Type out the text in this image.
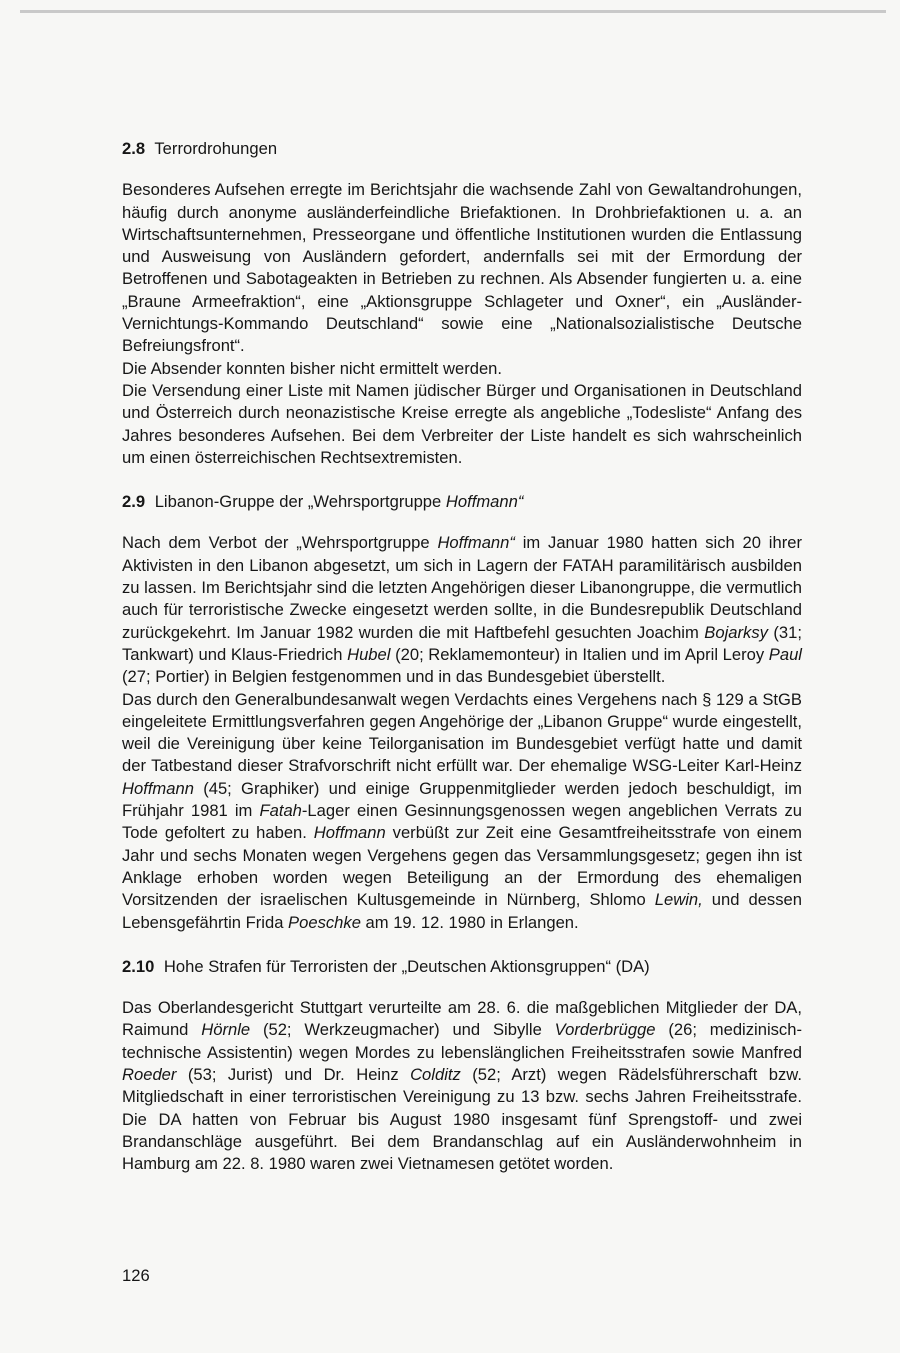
2.8 Terrordrohungen

Besonderes Aufsehen erregte im Berichtsjahr die wachsende Zahl von Gewaltandrohungen, häufig durch anonyme ausländerfeindliche Briefaktionen. In Drohbriefaktionen u. a. an Wirtschaftsunternehmen, Presseorgane und öffentliche Institutionen wurden die Entlassung und Ausweisung von Ausländern gefordert, andernfalls sei mit der Ermordung der Betroffenen und Sabotageakten in Betrieben zu rechnen. Als Absender fungierten u. a. eine „Braune Armeefraktion“, eine „Aktionsgruppe Schlageter und Oxner“, ein „Ausländer-Vernichtungs-Kommando Deutschland“ sowie eine „Nationalsozialistische Deutsche Befreiungsfront“.

Die Absender konnten bisher nicht ermittelt werden.

Die Versendung einer Liste mit Namen jüdischer Bürger und Organisationen in Deutschland und Österreich durch neonazistische Kreise erregte als angebliche „Todesliste“ Anfang des Jahres besonderes Aufsehen. Bei dem Verbreiter der Liste handelt es sich wahrscheinlich um einen österreichischen Rechtsextremisten.

2.9 Libanon-Gruppe der „Wehrsportgruppe Hoffmann“

Nach dem Verbot der „Wehrsportgruppe Hoffmann“ im Januar 1980 hatten sich 20 ihrer Aktivisten in den Libanon abgesetzt, um sich in Lagern der FATAH paramilitärisch ausbilden zu lassen. Im Berichtsjahr sind die letzten Angehörigen dieser Libanongruppe, die vermutlich auch für terroristische Zwecke eingesetzt werden sollte, in die Bundesrepublik Deutschland zurückgekehrt. Im Januar 1982 wurden die mit Haftbefehl gesuchten Joachim Bojarksy (31; Tankwart) und Klaus-Friedrich Hubel (20; Reklamemonteur) in Italien und im April Leroy Paul (27; Portier) in Belgien festgenommen und in das Bundesgebiet überstellt.

Das durch den Generalbundesanwalt wegen Verdachts eines Vergehens nach § 129 a StGB eingeleitete Ermittlungsverfahren gegen Angehörige der „Libanon Gruppe“ wurde eingestellt, weil die Vereinigung über keine Teilorganisation im Bundesgebiet verfügt hatte und damit der Tatbestand dieser Strafvorschrift nicht erfüllt war. Der ehemalige WSG-Leiter Karl-Heinz Hoffmann (45; Graphiker) und einige Gruppenmitglieder werden jedoch beschuldigt, im Frühjahr 1981 im Fatah-Lager einen Gesinnungsgenossen wegen angeblichen Verrats zu Tode gefoltert zu haben. Hoffmann verbüßt zur Zeit eine Gesamtfreiheitsstrafe von einem Jahr und sechs Monaten wegen Vergehens gegen das Versammlungsgesetz; gegen ihn ist Anklage erhoben worden wegen Beteiligung an der Ermordung des ehemaligen Vorsitzenden der israelischen Kultusgemeinde in Nürnberg, Shlomo Lewin, und dessen Lebensgefährtin Frida Poeschke am 19. 12. 1980 in Erlangen.

2.10 Hohe Strafen für Terroristen der „Deutschen Aktionsgruppen“ (DA)

Das Oberlandesgericht Stuttgart verurteilte am 28. 6. die maßgeblichen Mitglieder der DA, Raimund Hörnle (52; Werkzeugmacher) und Sibylle Vorderbrügge (26; medizinisch-technische Assistentin) wegen Mordes zu lebenslänglichen Freiheitsstrafen sowie Manfred Roeder (53; Jurist) und Dr. Heinz Colditz (52; Arzt) wegen Rädelsführerschaft bzw. Mitgliedschaft in einer terroristischen Vereinigung zu 13 bzw. sechs Jahren Freiheitsstrafe. Die DA hatten von Februar bis August 1980 insgesamt fünf Sprengstoff- und zwei Brandanschläge ausgeführt. Bei dem Brandanschlag auf ein Ausländerwohnheim in Hamburg am 22. 8. 1980 waren zwei Vietnamesen getötet worden.

126
